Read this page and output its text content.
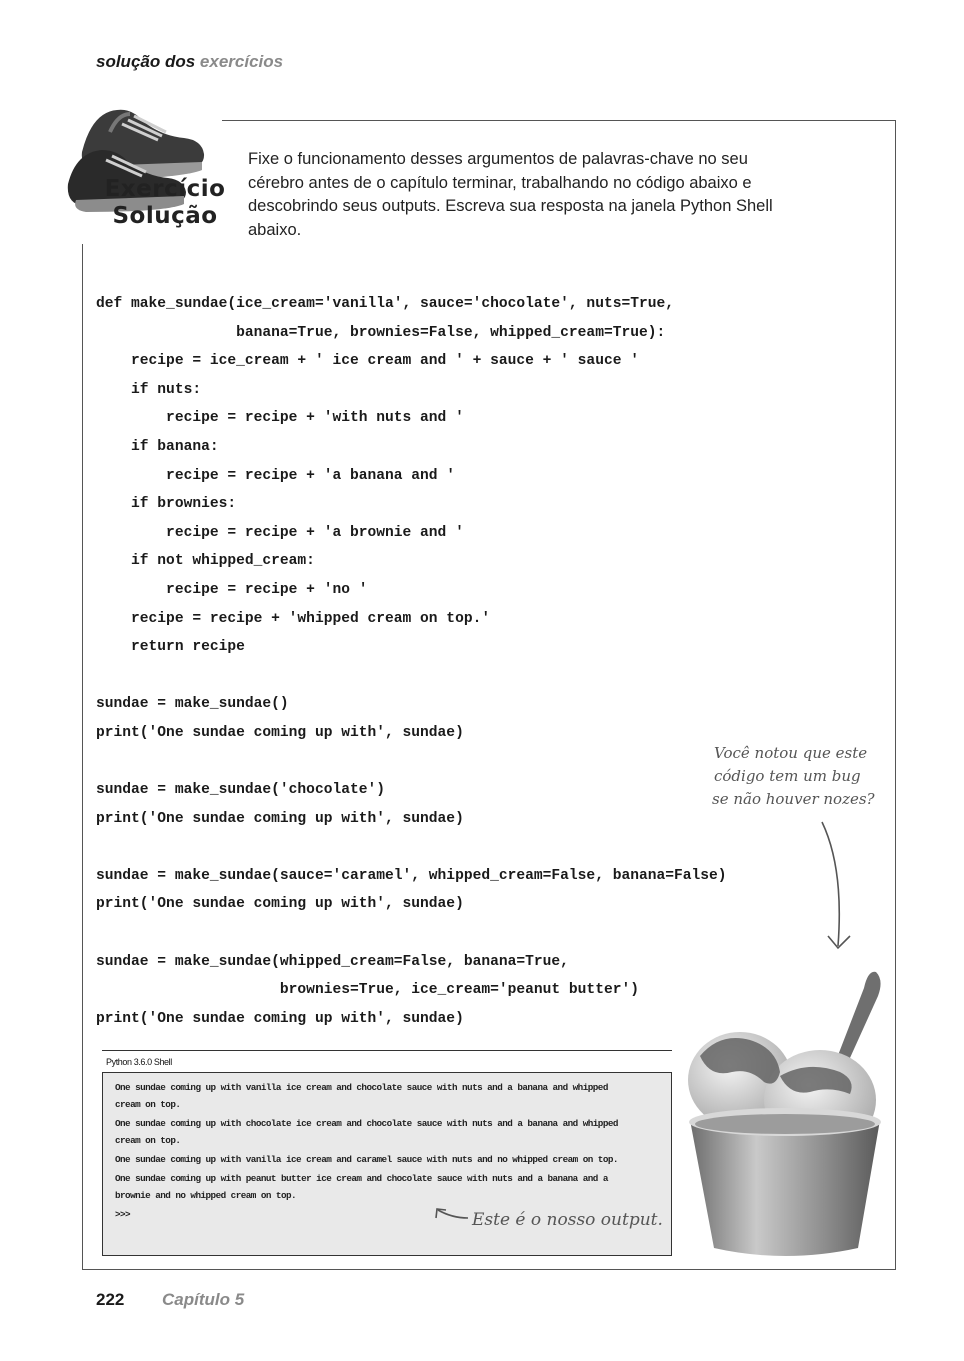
solução dos exercícios
Exercício
Solução
Fixe o funcionamento desses argumentos de palavras-chave no seu cérebro antes de o capítulo terminar, trabalhando no código abaixo e descobrindo seus outputs. Escreva sua resposta na janela Python Shell abaixo.
def make_sundae(ice_cream='vanilla', sauce='chocolate', nuts=True,
banana=True, brownies=False, whipped_cream=True):
recipe = ice_cream + ' ice cream and ' + sauce + ' sauce '
if nuts:
recipe = recipe + 'with nuts and '
if banana:
recipe = recipe + 'a banana and '
if brownies:
recipe = recipe + 'a brownie and '
if not whipped_cream:
recipe = recipe + 'no '
recipe = recipe + 'whipped cream on top.'
return recipe
sundae = make_sundae()
print('One sundae coming up with', sundae)
sundae = make_sundae('chocolate')
print('One sundae coming up with', sundae)
sundae = make_sundae(sauce='caramel', whipped_cream=False, banana=False)
print('One sundae coming up with', sundae)
sundae = make_sundae(whipped_cream=False, banana=True,
brownies=True, ice_cream='peanut butter')
print('One sundae coming up with', sundae)
Você notou que este
código tem um bug
se não houver nozes?
Python 3.6.0 Shell
One sundae coming up with vanilla ice cream and chocolate sauce with nuts and a banana and whipped
cream on top.
One sundae coming up with chocolate ice cream and chocolate sauce with nuts and a banana and whipped
cream on top.
One sundae coming up with vanilla ice cream and caramel sauce with nuts and no whipped cream on top.
One sundae coming up with peanut butter ice cream and chocolate sauce with nuts and a banana and a
brownie and no whipped cream on top.
>>>	Este é o nosso output.
222 Capítulo 5
